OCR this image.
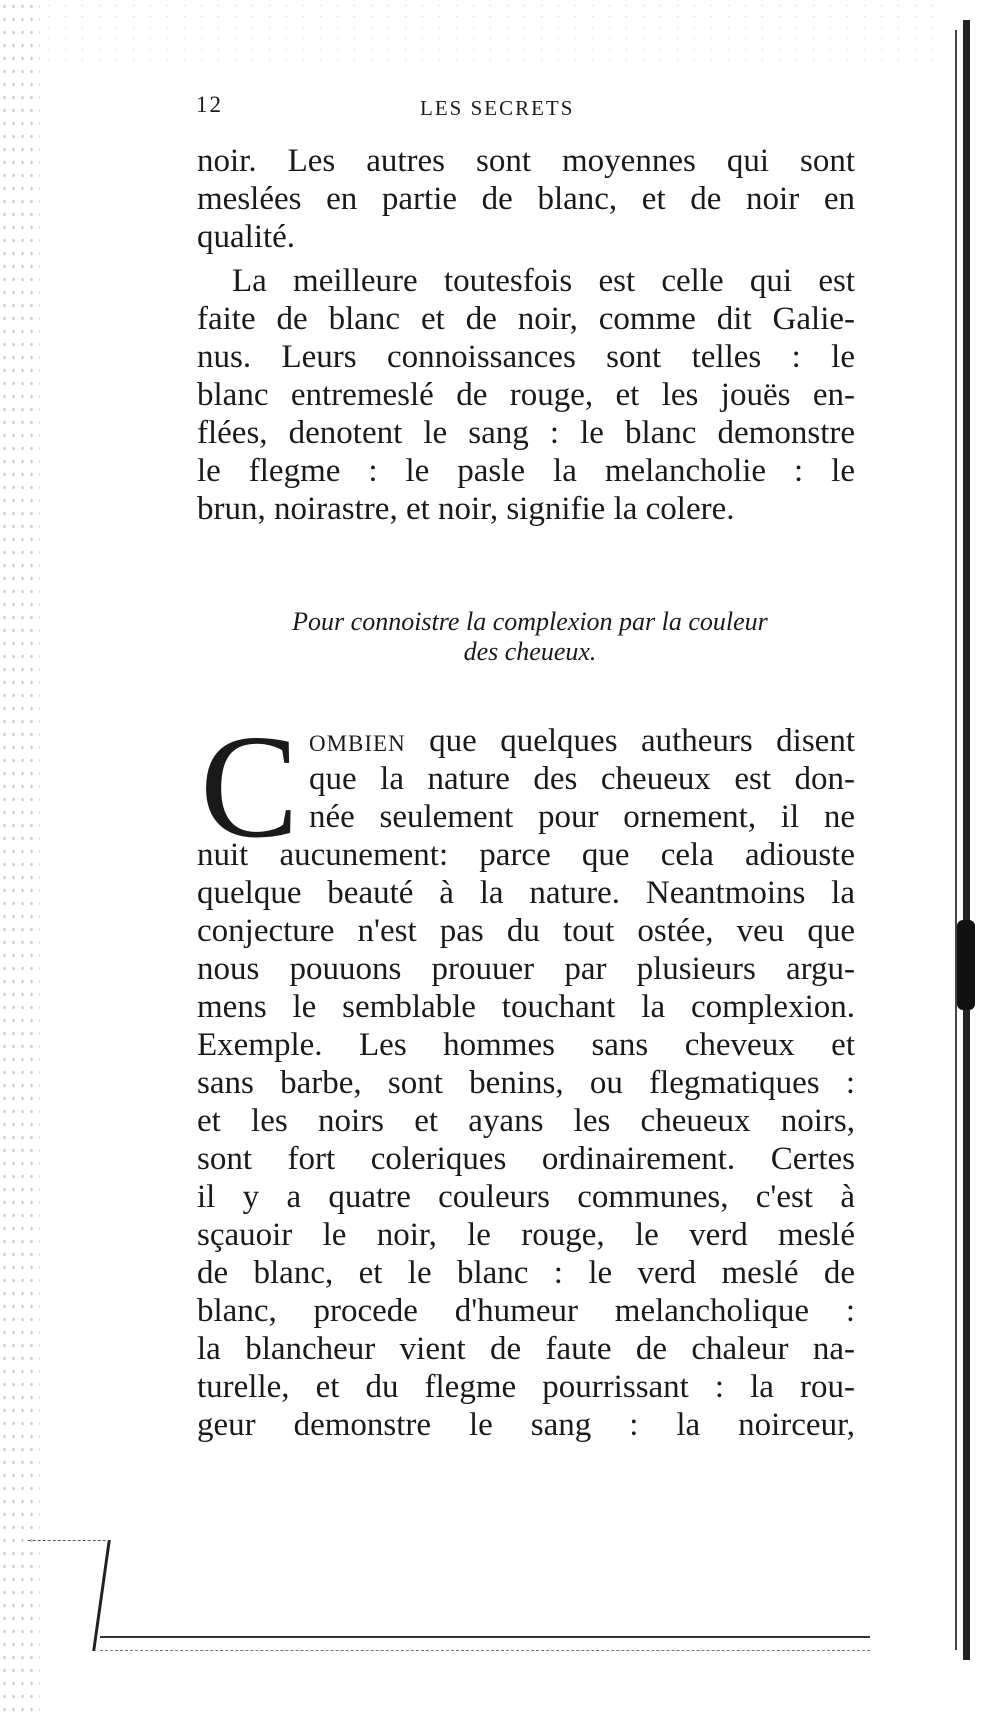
12	LES SECRETS
noir. Les autres sont moyennes qui sont
meslées en partie de blanc, et de noir en
qualité.
La meilleure toutesfois est celle qui est
faite de blanc et de noir, comme dit Galie-
nus. Leurs connoissances sont telles : le
blanc entremeslé de rouge, et les jouës en-
flées, denotent le sang : le blanc demonstre
le flegme : le pasle la melancholie : le
brun, noirastre, et noir, signifie la colere.
Pour connoistre la complexion par la couleur
des cheueux.
C ombien que quelques autheurs disent
que la nature des cheueux est don-
née seulement pour ornement, il ne
nuit aucunement: parce que cela adiouste
quelque beauté à la nature. Neantmoins la
conjecture n'est pas du tout ostée, veu que
nous pouuons prouuer par plusieurs argu-
mens le semblable touchant la complexion.
Exemple. Les hommes sans cheveux et
sans barbe, sont benins, ou flegmatiques :
et les noirs et ayans les cheueux noirs,
sont fort coleriques ordinairement. Certes
il y a quatre couleurs communes, c'est à
sçauoir le noir, le rouge, le verd meslé
de blanc, et le blanc : le verd meslé de
blanc, procede d'humeur melancholique :
la blancheur vient de faute de chaleur na-
turelle, et du flegme pourrissant : la rou-
geur demonstre le sang : la noirceur,
